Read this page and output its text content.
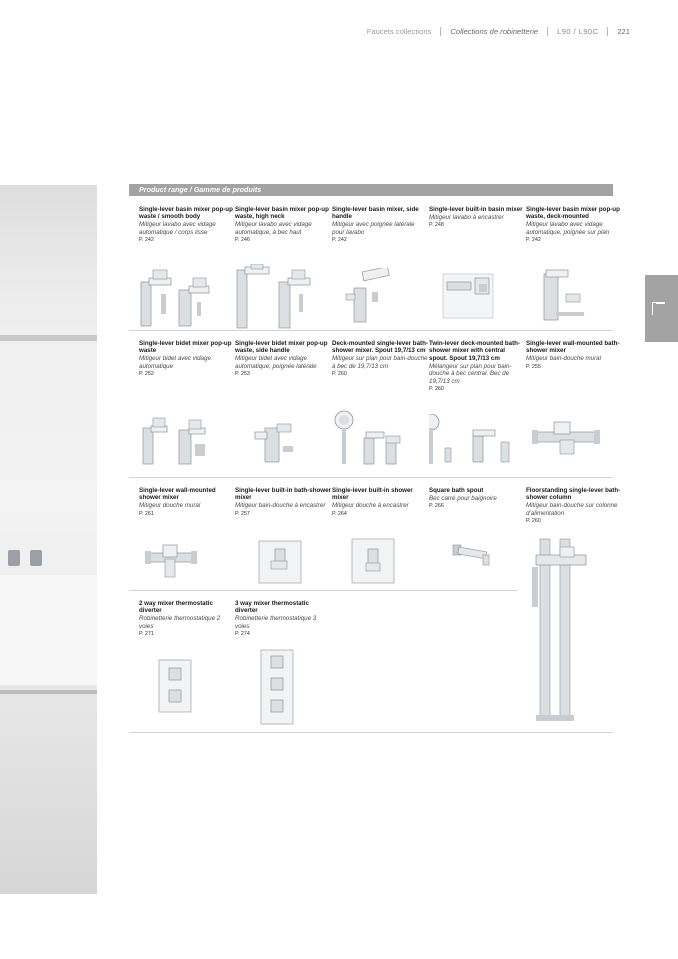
Faucets collections	Collections de robinetterie	L90 / L90C	221
Product range / Gamme de produits
Single-lever basin mixer pop-up waste / smooth body
Mitigeur lavabo avec vidage automatique / corps lisse
P. 242
Single-lever basin mixer pop-up waste, high neck
Mitigeur lavabo avec vidage automatique, à bec haut
P. 246
Single-lever basin mixer, side handle
Mitigeur avec poignée latérale pour lavabo
P. 242
Single-lever built-in basin mixer
Mitigeur lavabo à encastrer
P. 248
Single-lever basin mixer pop-up waste, deck-mounted
Mitigeur lavabo avec vidage automatique, poignée sur plan
P. 242
Single-lever bidet mixer pop-up waste
Mitigeur bidet avec vidage automatique
P. 252
Single-lever bidet mixer pop-up waste, side handle
Mitigeur bidet avec vidage automatique, poignée latérale
P. 253
Deck-mounted single-lever bath-shower mixer. Spout 19,7/13 cm
Mitigeur sur plan pour bain-douche à bec de 19,7/13 cm
P. 260
Twin-lever deck-mounted bath-shower mixer with central spout. Spout 19,7/13 cm
Mélangeur sur plan pour bain-douche à bec central. Bec de 19,7/13 cm
P. 260
Single-lever wall-mounted bath-shower mixer
Mitigeur bain-douche mural
P. 255
Single-lever wall-mounted shower mixer
Mitigeur douche mural
P. 261
Single-lever built-in bath-shower mixer
Mitigeur bain-douche à encastrer
P. 257
Single-lever built-in shower mixer
Mitigeur douche à encastrer
P. 264
Square bath spout
Bec carré pour baignoire
P. 266
Floorstanding single-lever bath-shower column
Mitigeur bain-douche sur colonne d’alimentation
P. 260
2 way mixer thermostatic diverter
Robinetterie thermostatique 2 voies
P. 271
3 way mixer thermostatic diverter
Robinetterie thermostatique 3 voies
P. 274
